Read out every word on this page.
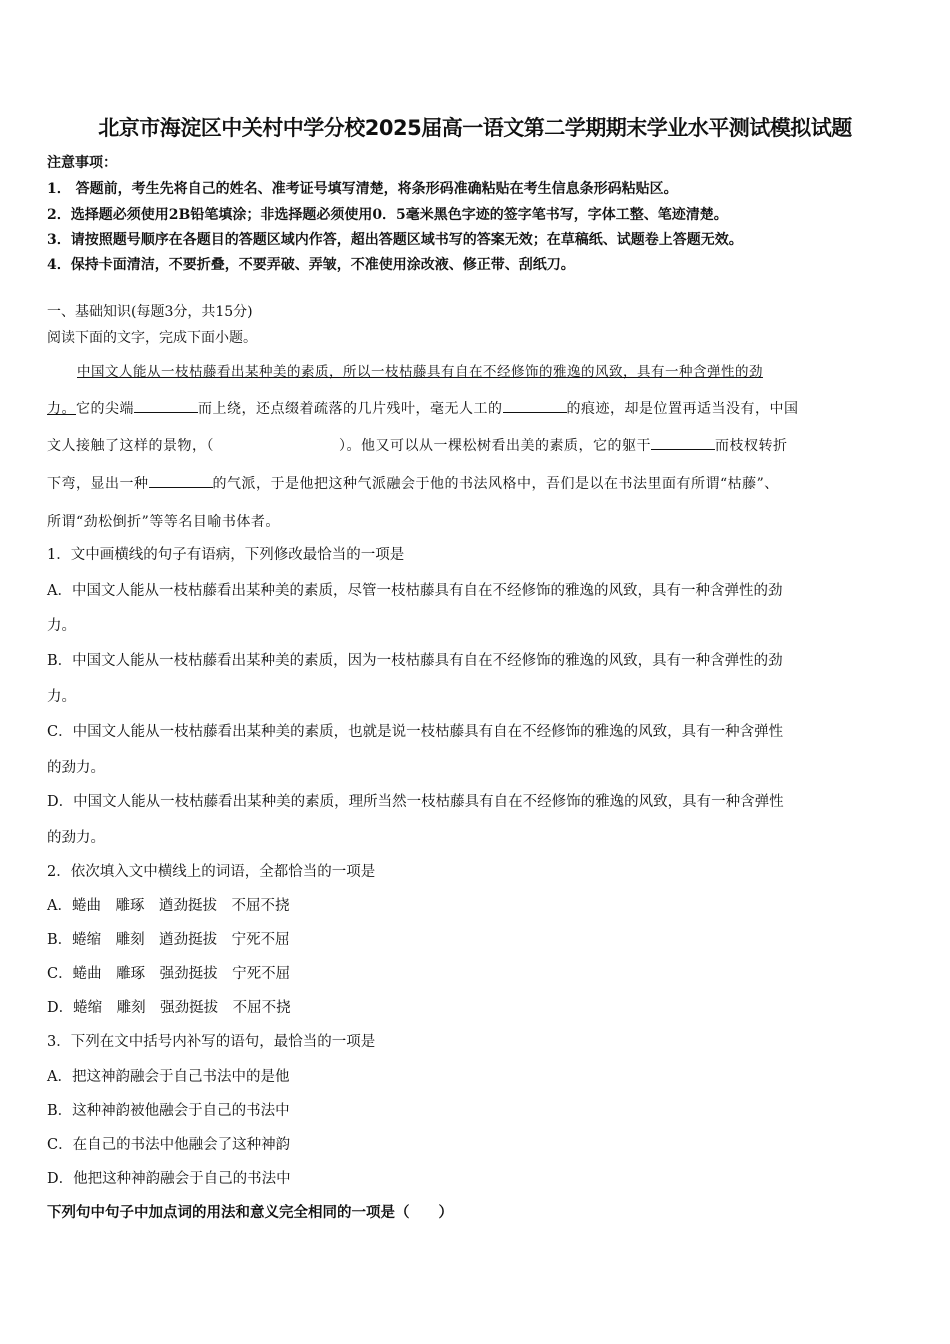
北京市海淀区中关村中学分校2025届高一语文第二学期期末学业水平测试模拟试题
注意事项：
1． 答题前，考生先将自己的姓名、准考证号填写清楚，将条形码准确粘贴在考生信息条形码粘贴区。
2．选择题必须使用2B铅笔填涂；非选择题必须使用0．5毫米黑色字迹的签字笔书写，字体工整、笔迹清楚。
3．请按照题号顺序在各题目的答题区域内作答，超出答题区域书写的答案无效；在草稿纸、试题卷上答题无效。
4．保持卡面清洁，不要折叠，不要弄破、弄皱，不准使用涂改液、修正带、刮纸刀。
一、基础知识(每题3分，共15分)
阅读下面的文字，完成下面小题。
中国文人能从一枝枯藤看出某种美的素质，所以一枝枯藤具有自在不经修饰的雅逸的风致，具有一种含弹性的劲
力。它的尖端	而上绕，还点缀着疏落的几片残叶，毫无人工的	的痕迹，却是位置再适当没有，中国
文人接触了这样的景物，（	）。他又可以从一棵松树看出美的素质，它的躯干	而枝杈转折
下弯，显出一种	的气派，于是他把这种气派融会于他的书法风格中，吾们是以在书法里面有所谓“枯藤”、
所谓“劲松倒折”等等名目喻书体者。
1．文中画横线的句子有语病，下列修改最恰当的一项是
A．中国文人能从一枝枯藤看出某种美的素质，尽管一枝枯藤具有自在不经修饰的雅逸的风致，具有一种含弹性的劲
力。
B．中国文人能从一枝枯藤看出某种美的素质，因为一枝枯藤具有自在不经修饰的雅逸的风致，具有一种含弹性的劲
力。
C．中国文人能从一枝枯藤看出某种美的素质，也就是说一枝枯藤具有自在不经修饰的雅逸的风致，具有一种含弹性
的劲力。
D．中国文人能从一枝枯藤看出某种美的素质，理所当然一枝枯藤具有自在不经修饰的雅逸的风致，具有一种含弹性
的劲力。
2．依次填入文中横线上的词语，全都恰当的一项是
A．蜷曲　雕琢　遒劲挺拔　不屈不挠
B．蜷缩　雕刻　遒劲挺拔　宁死不屈
C．蜷曲　雕琢　强劲挺拔　宁死不屈
D．蜷缩　雕刻　强劲挺拔　不屈不挠
3．下列在文中括号内补写的语句，最恰当的一项是
A．把这神韵融会于自己书法中的是他
B．这种神韵被他融会于自己的书法中
C．在自己的书法中他融会了这种神韵
D．他把这种神韵融会于自己的书法中
下列句中句子中加点词的用法和意义完全相同的一项是（　　）
